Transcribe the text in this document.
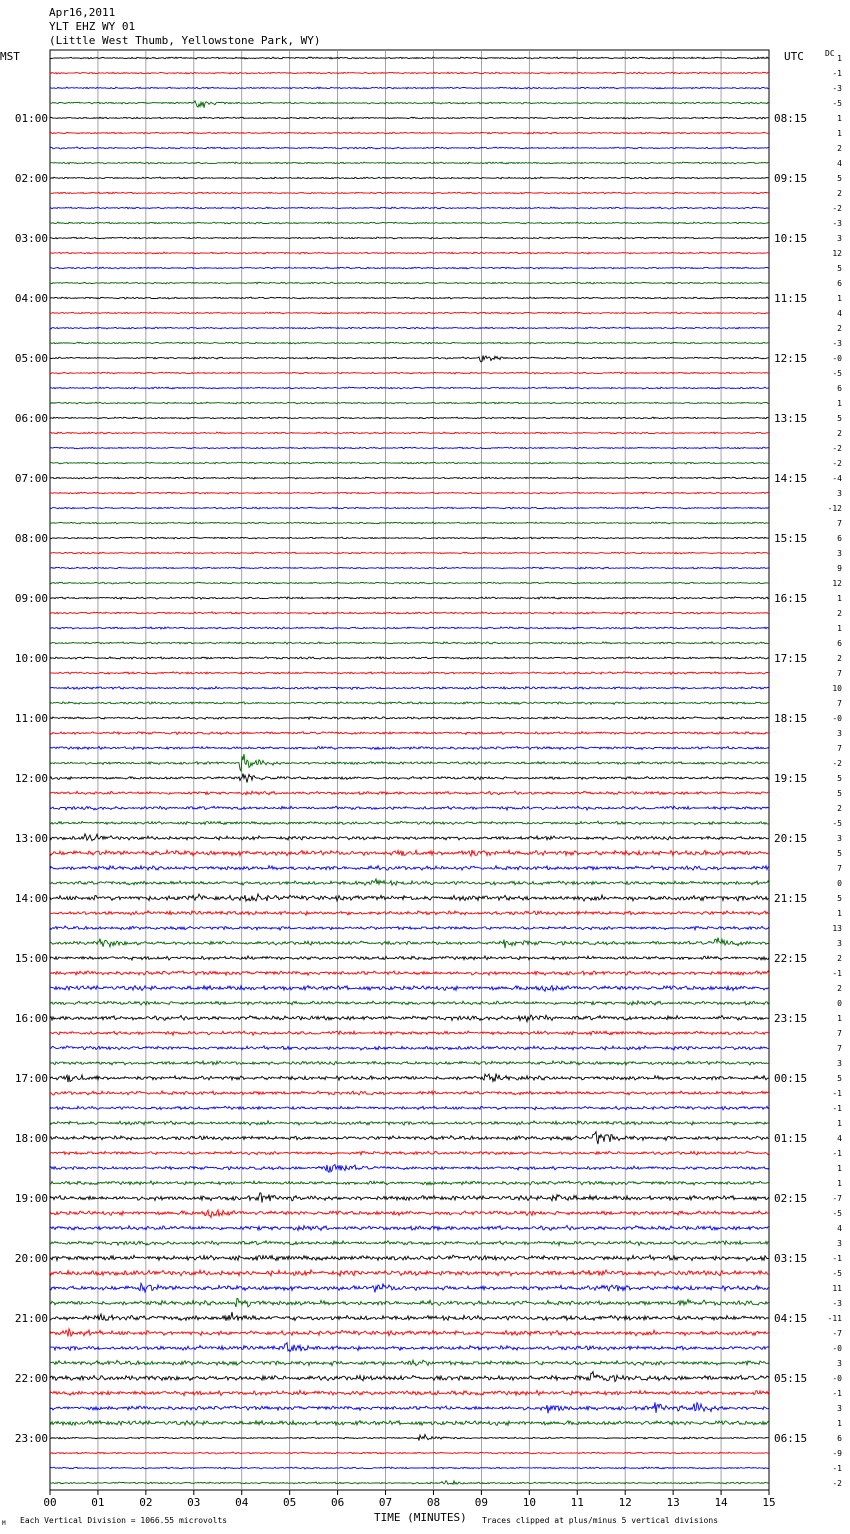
Apr16,2011
YLT EHZ WY 01
(Little West Thumb, Yellowstone Park, WY)
MST	UTC	DC
00	01	02	03	04	05	06	07	08	09	10	11	12	13	14	15
1
-1
-3
-5
1
01:00	08:15
1
2
4
5
02:00	09:15
2
-2
-3
3
03:00	10:15
12
5
6
1
04:00	11:15
4
2
-3
-0
05:00	12:15
-5
6
1
5
06:00	13:15
2
-2
-2
-4
07:00	14:15
3
-12
7
6
08:00	15:15
3
9
12
1
09:00	16:15
2
1
6
2
10:00	17:15
7
10
7
-0
11:00	18:15
3
7
-2
5
12:00	19:15
5
2
-5
3
13:00	20:15
5
7
0
5
14:00	21:15
1
13
3
2
15:00	22:15
-1
2
0
1
16:00	23:15
7
7
3
5
17:00	00:15
-1
-1
1
4
18:00	01:15
-1
1
1
-7
19:00	02:15
-5
4
3
-1
20:00	03:15
-5
11
-3
-11
21:00	04:15
-7
-0
3
-0
22:00	05:15
-1
3
1
6
23:00	06:15
-9
-1
-2
TIME (MINUTES)
Each Vertical Division = 1066.55 microvolts	Traces clipped at plus/minus 5 vertical divisions
M
